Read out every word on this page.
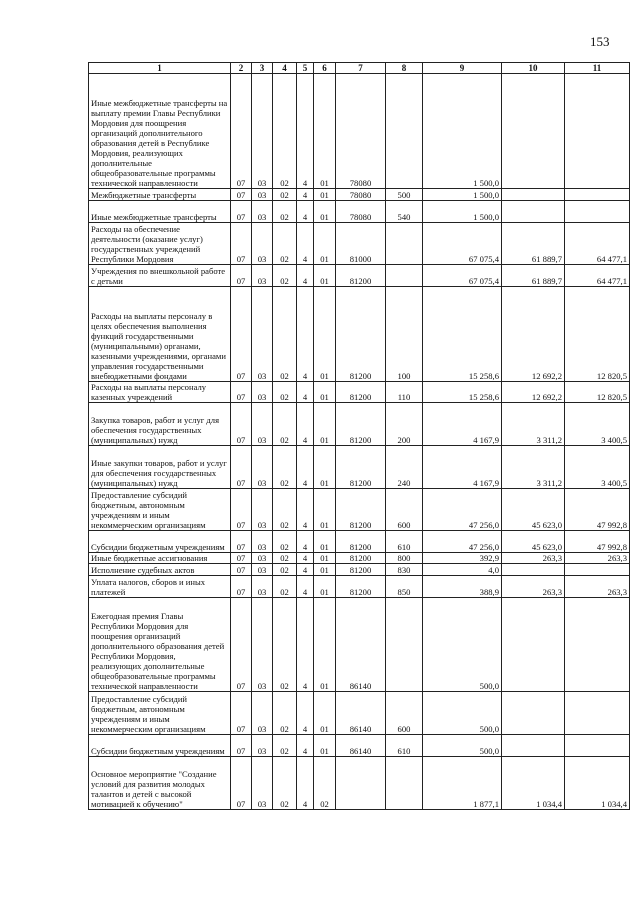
153
1	2	3	4	5	6	7	8	9	10	11
Иные межбюджетные трансферты на выплату премии Главы Республики Мордовия для поощрения организаций дополнительного образования детей в Республике Мордовия, реализующих дополнительные общеобразовательные программы технической направленности	07	03	02	4	01	78080		1 500,0		
Межбюджетные трансферты	07	03	02	4	01	78080	500	1 500,0		
Иные межбюджетные трансферты	07	03	02	4	01	78080	540	1 500,0		
Расходы на обеспечение деятельности (оказание услуг) государственных учреждений Республики Мордовия	07	03	02	4	01	81000		67 075,4	61 889,7	64 477,1
Учреждения по внешкольной работе с детьми	07	03	02	4	01	81200		67 075,4	61 889,7	64 477,1
Расходы на выплаты персоналу в целях обеспечения выполнения функций государственными (муниципальными) органами, казенными учреждениями, органами управления государственными внебюджетными фондами	07	03	02	4	01	81200	100	15 258,6	12 692,2	12 820,5
Расходы на выплаты персоналу казенных учреждений	07	03	02	4	01	81200	110	15 258,6	12 692,2	12 820,5
Закупка товаров, работ и услуг для обеспечения государственных (муниципальных) нужд	07	03	02	4	01	81200	200	4 167,9	3 311,2	3 400,5
Иные закупки товаров, работ и услуг для обеспечения государственных (муниципальных) нужд	07	03	02	4	01	81200	240	4 167,9	3 311,2	3 400,5
Предоставление субсидий бюджетным, автономным учреждениям и иным некоммерческим организациям	07	03	02	4	01	81200	600	47 256,0	45 623,0	47 992,8
Субсидии бюджетным учреждениям	07	03	02	4	01	81200	610	47 256,0	45 623,0	47 992,8
Иные бюджетные ассигнования	07	03	02	4	01	81200	800	392,9	263,3	263,3
Исполнение судебных актов	07	03	02	4	01	81200	830	4,0		
Уплата налогов, сборов и иных платежей	07	03	02	4	01	81200	850	388,9	263,3	263,3
Ежегодная премия Главы Республики Мордовия для поощрения организаций дополнительного образования детей Республики Мордовия, реализующих дополнительные общеобразовательные программы технической направленности	07	03	02	4	01	86140		500,0		
Предоставление субсидий бюджетным, автономным учреждениям и иным некоммерческим организациям	07	03	02	4	01	86140	600	500,0		
Субсидии бюджетным учреждениям	07	03	02	4	01	86140	610	500,0		
Основное мероприятие "Создание условий для развития молодых талантов и детей с высокой мотивацией к обучению"	07	03	02	4	02			1 877,1	1 034,4	1 034,4
